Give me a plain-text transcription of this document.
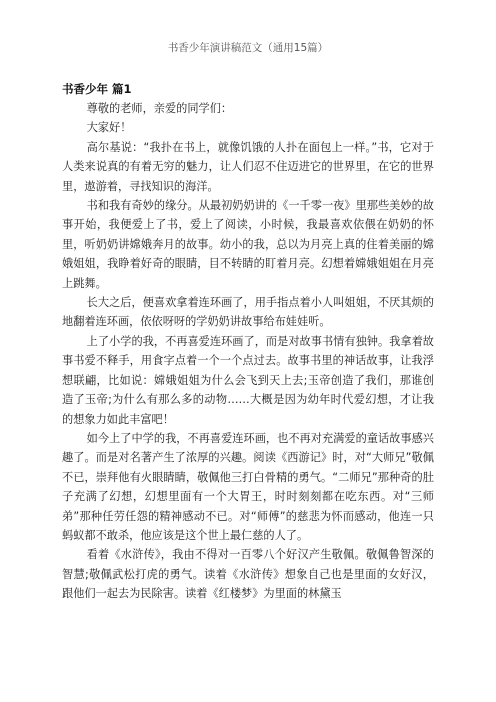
书香少年演讲稿范文（通用15篇）
书香少年 篇1

尊敬的老师，亲爱的同学们：

大家好！

高尔基说：“我扑在书上，就像饥饿的人扑在面包上一样。”书，它对于人类来说真的有着无穷的魅力，让人们忍不住迈进它的世界里，在它的世界里，遨游着，寻找知识的海洋。

书和我有奇妙的缘分。从最初奶奶讲的《一千零一夜》里那些美妙的故事开始，我便爱上了书，爱上了阅读，小时候，我最喜欢依偎在奶奶的怀里，听奶奶讲嫦娥奔月的故事。幼小的我，总以为月亮上真的住着美丽的嫦娥姐姐，我睁着好奇的眼睛，目不转睛的盯着月亮。幻想着嫦娥姐姐在月亮上跳舞。

长大之后，便喜欢拿着连环画了，用手指点着小人叫姐姐，不厌其烦的地翻着连环画，依依呀呀的学奶奶讲故事给布娃娃听。

上了小学的我，不再喜爱连环画了，而是对故事书情有独钟。我拿着故事书爱不释手，用食字点着一个一个点过去。故事书里的神话故事，让我浮想联翩，比如说：嫦娥姐姐为什么会飞到天上去;玉帝创造了我们，那谁创造了玉帝;为什么有那么多的动物……大概是因为幼年时代爱幻想，才让我的想象力如此丰富吧！

如今上了中学的我，不再喜爱连环画，也不再对充满爱的童话故事感兴趣了。而是对名著产生了浓厚的兴趣。阅读《西游记》时，对“大师兄”敬佩不已，崇拜他有火眼睛睛，敬佩他三打白骨精的勇气。“二师兄”那种奇的肚子充满了幻想，幻想里面有一个大胃王，时时刻刻都在吃东西。对“三师弟”那种任劳任怨的精神感动不已。对“师傅”的慈悲为怀而感动，他连一只蚂蚁都不敢杀，他应该是这个世上最仁慈的人了。

看着《水浒传》，我由不得对一百零八个好汉产生敬佩。敬佩鲁智深的智慧;敬佩武松打虎的勇气。读着《水浒传》想象自己也是里面的女好汉，跟他们一起去为民除害。读着《红楼梦》为里面的林黛玉
